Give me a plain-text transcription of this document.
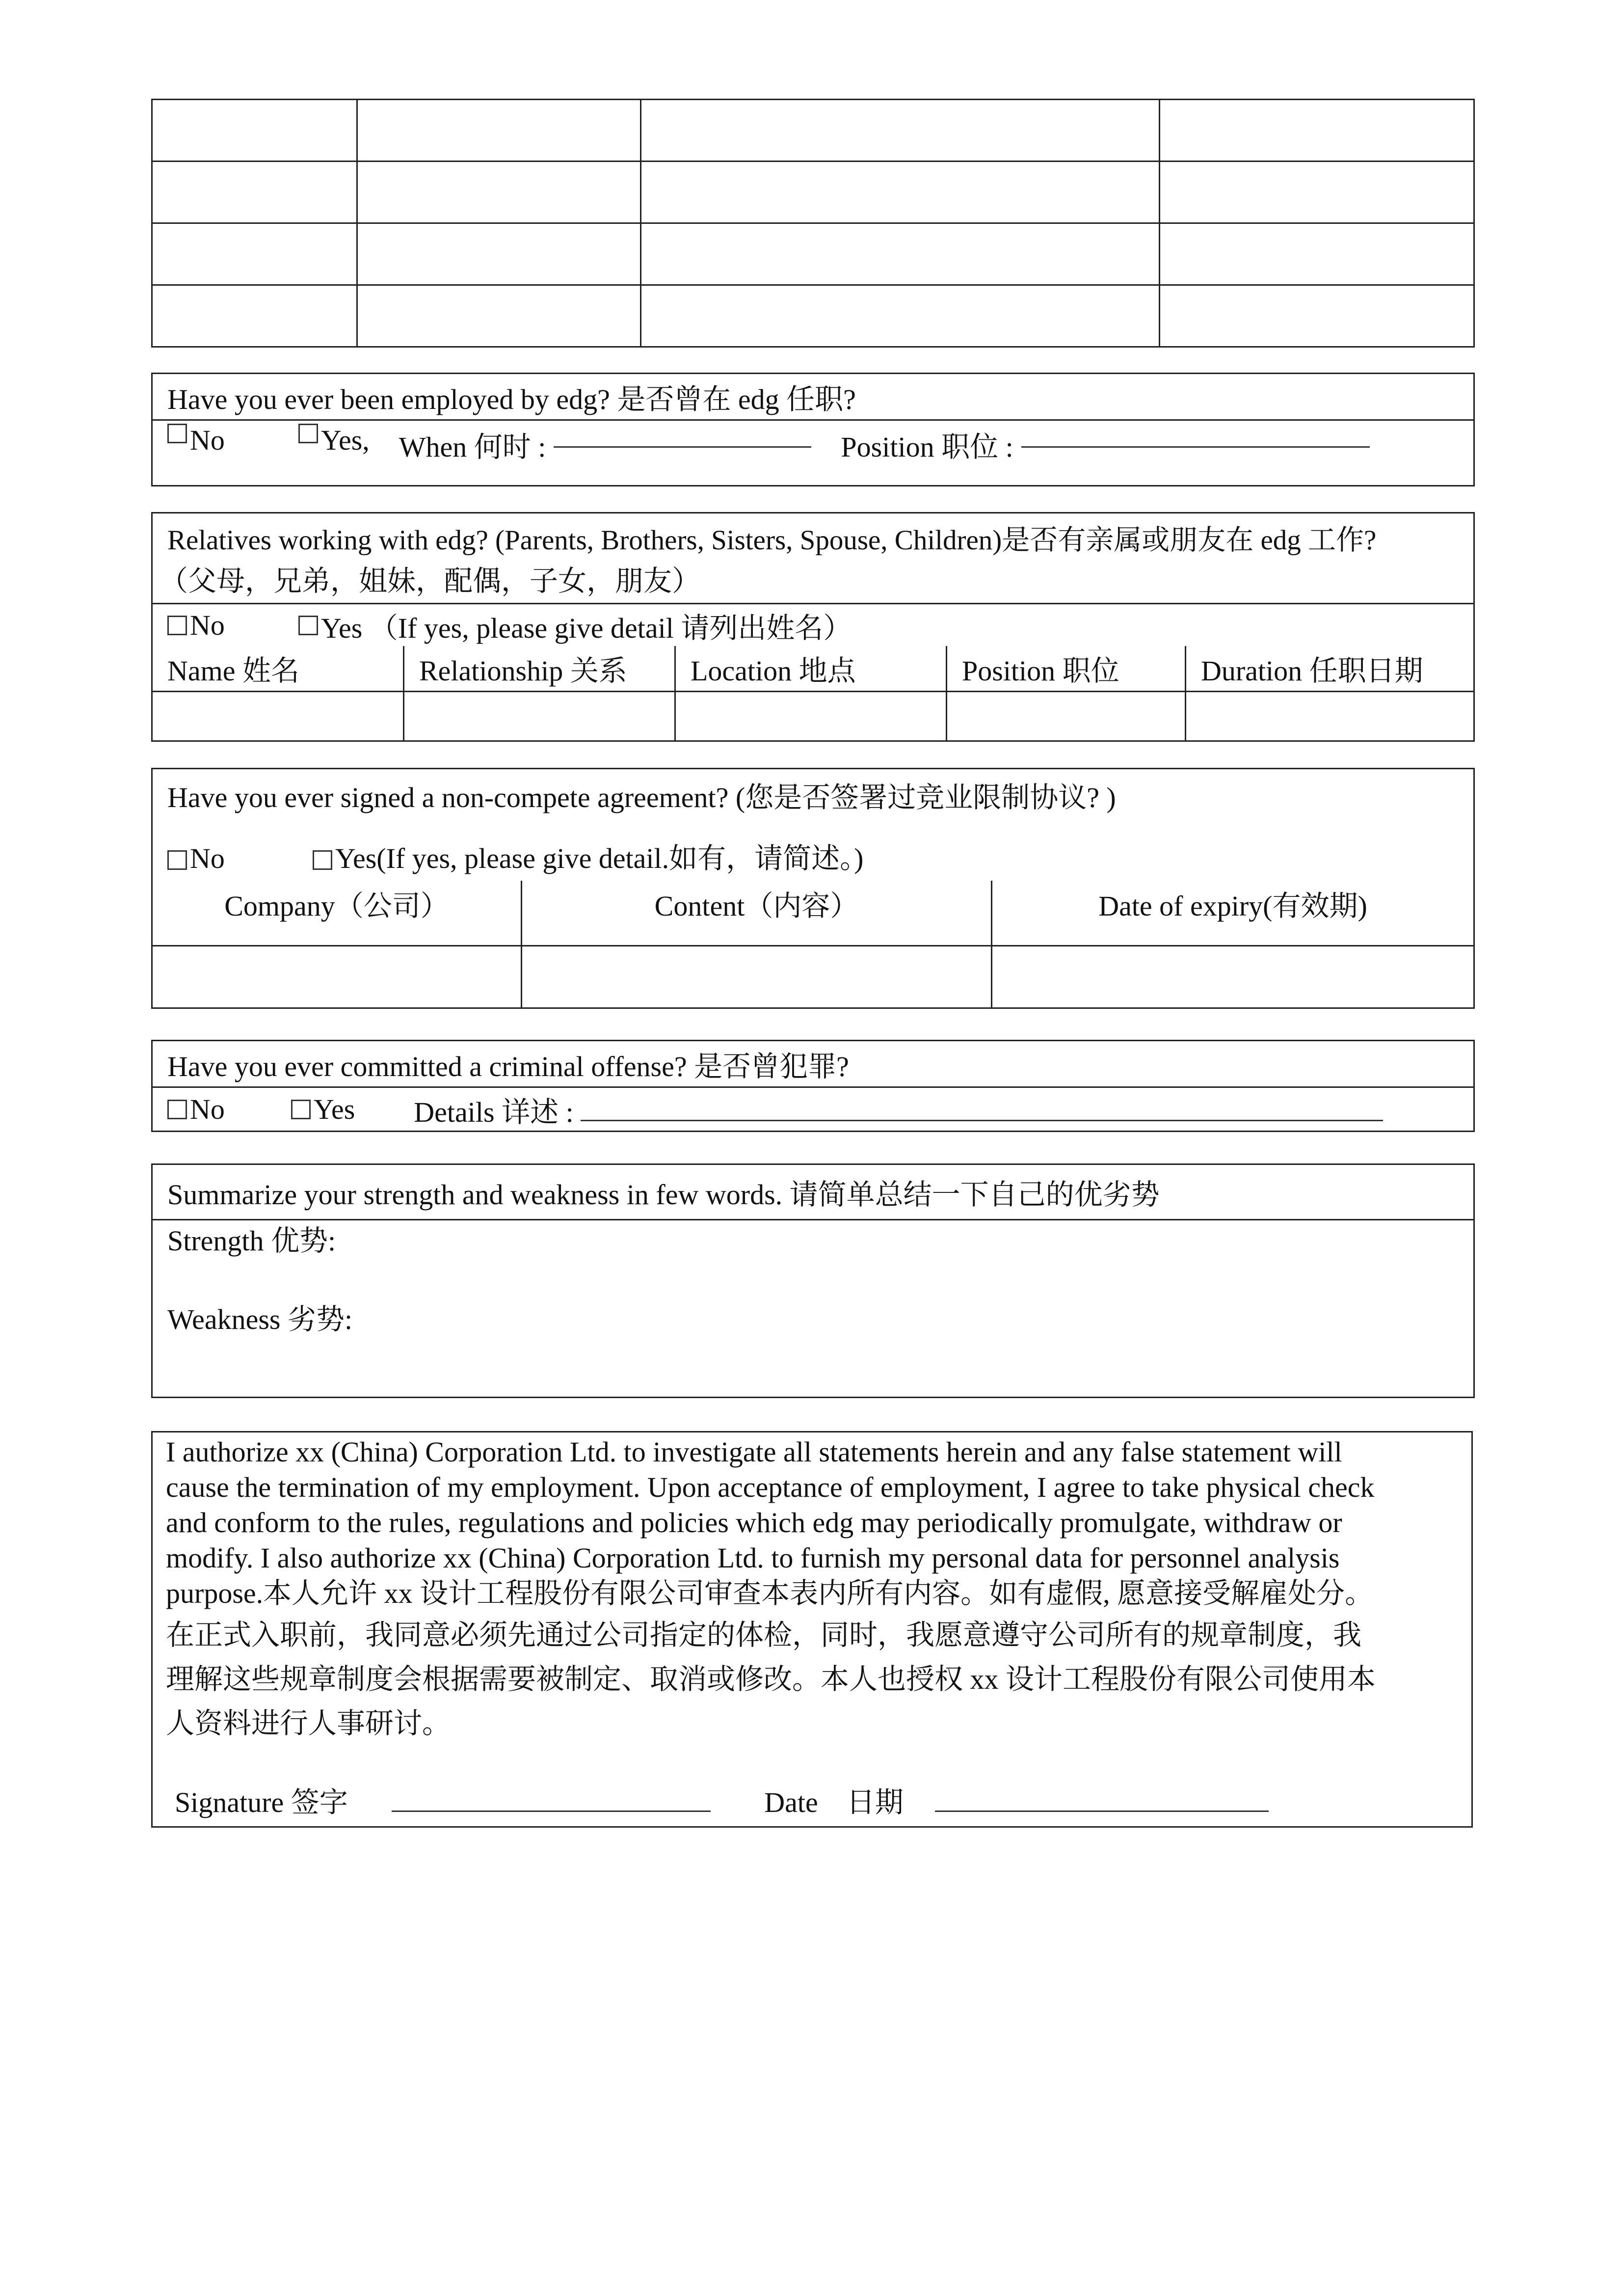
Have you ever been employed by edg? 是否曾在 edg 任职?
No	Yes, When 何时 :	Position 职位 :
Relatives working with edg? (Parents, Brothers, Sisters, Spouse, Children)是否有亲属或朋友在 edg 工作?
（父母，兄弟，姐妹，配偶，子女，朋友）
No	Yes （If yes, please give detail 请列出姓名）
Name 姓名	Relationship 关系	Location 地点	Position 职位	Duration 任职日期

Have you ever signed a non-compete agreement? (您是否签署过竞业限制协议? )
No	Yes(If yes, please give detail.如有，请简述。)
Company（公司）	Content（内容）	Date of expiry(有效期)

Have you ever committed a criminal offense? 是否曾犯罪?
No	Yes Details 详述 :
Summarize your strength and weakness in few words. 请简单总结一下自己的优劣势
Strength 优势:
Weakness 劣势:
I authorize xx (China) Corporation Ltd. to investigate all statements herein and any false statement will
cause the termination of my employment. Upon acceptance of employment, I agree to take physical check
and conform to the rules, regulations and policies which edg may periodically promulgate, withdraw or
modify. I also authorize xx (China) Corporation Ltd. to furnish my personal data for personnel analysis
purpose.本人允许 xx 设计工程股份有限公司审查本表内所有内容。如有虚假, 愿意接受解雇处分。
在正式入职前，我同意必须先通过公司指定的体检，同时，我愿意遵守公司所有的规章制度，我
理解这些规章制度会根据需要被制定、取消或修改。本人也授权 xx 设计工程股份有限公司使用本
人资料进行人事研讨。
Signature 签字	Date　日期
